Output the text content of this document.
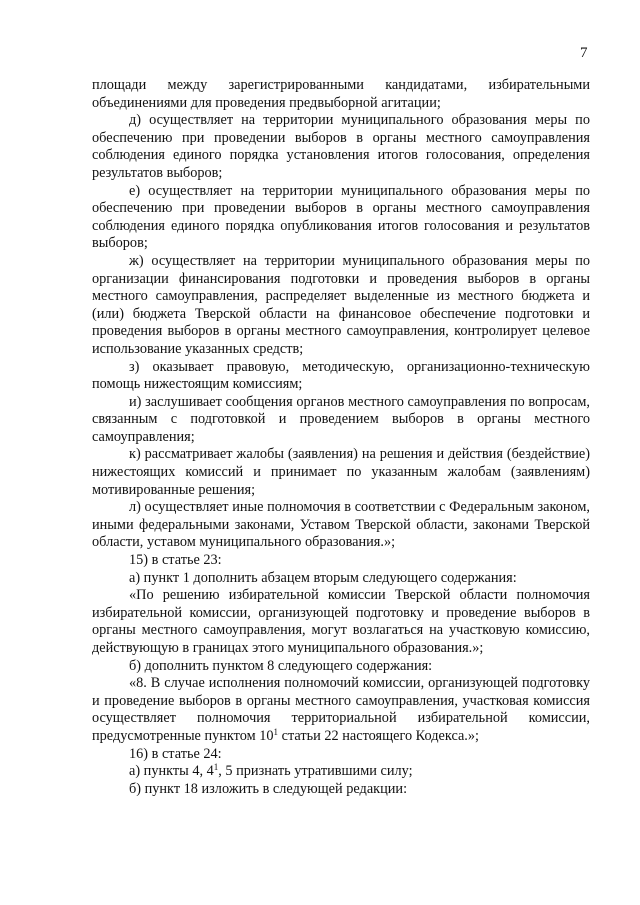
7

площади между зарегистрированными кандидатами, избирательными объединениями для проведения предвыборной агитации;

д) осуществляет на территории муниципального образования меры по обеспечению при проведении выборов в органы местного самоуправления соблюдения единого порядка установления итогов голосования, определения результатов выборов;

е) осуществляет на территории муниципального образования меры по обеспечению при проведении выборов в органы местного самоуправления соблюдения единого порядка опубликования итогов голосования и результатов выборов;

ж) осуществляет на территории муниципального образования меры по организации финансирования подготовки и проведения выборов в органы местного самоуправления, распределяет выделенные из местного бюджета и (или) бюджета Тверской области на финансовое обеспечение подготовки и проведения выборов в органы местного самоуправления, контролирует целевое использование указанных средств;

з) оказывает правовую, методическую, организационно-техническую помощь нижестоящим комиссиям;

и) заслушивает сообщения органов местного самоуправления по вопросам, связанным с подготовкой и проведением выборов в органы местного самоуправления;

к) рассматривает жалобы (заявления) на решения и действия (бездействие) нижестоящих комиссий и принимает по указанным жалобам (заявлениям) мотивированные решения;

л) осуществляет иные полномочия в соответствии с Федеральным законом, иными федеральными законами, Уставом Тверской области, законами Тверской области, уставом муниципального образования.»;

15) в статье 23:

а) пункт 1 дополнить абзацем вторым следующего содержания:

«По решению избирательной комиссии Тверской области полномочия избирательной комиссии, организующей подготовку и проведение выборов в органы местного самоуправления, могут возлагаться на участковую комиссию, действующую в границах этого муниципального образования.»;

б) дополнить пунктом 8 следующего содержания:

«8. В случае исполнения полномочий комиссии, организующей подготовку и проведение выборов в органы местного самоуправления, участковая комиссия осуществляет полномочия территориальной избирательной комиссии, предусмотренные пунктом $10^1$ статьи 22 настоящего Кодекса.»;

16) в статье 24:

а) пункты 4, $4^1$, 5 признать утратившими силу;

б) пункт 18 изложить в следующей редакции:
